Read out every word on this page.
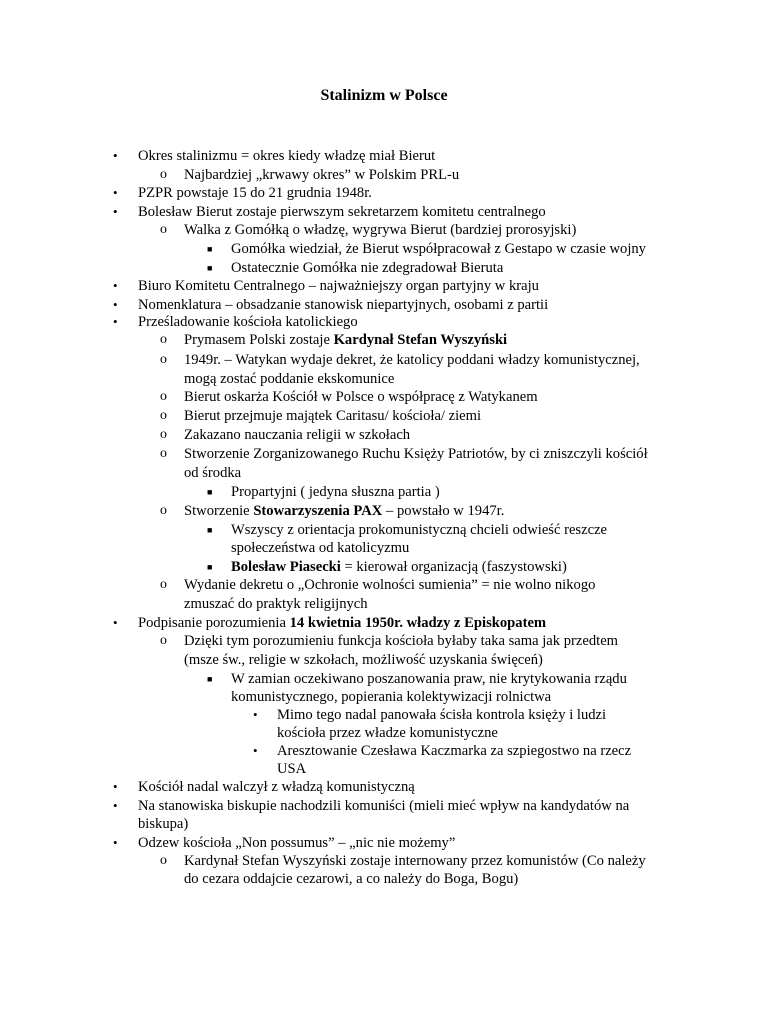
Stalinizm w Polsce
• Okres stalinizmu = okres kiedy władzę miał Bierut
o Najbardziej „krwawy okres” w Polskim PRL-u
• PZPR powstaje 15 do 21 grudnia 1948r.
• Bolesław Bierut zostaje pierwszym sekretarzem komitetu centralnego
o Walka z Gomółką o władzę, wygrywa Bierut (bardziej prorosyjski)
■ Gomółka wiedział, że Bierut współpracował z Gestapo w czasie wojny
■ Ostatecznie Gomółka nie zdegradował Bieruta
• Biuro Komitetu Centralnego – najważniejszy organ partyjny w kraju
• Nomenklatura – obsadzanie stanowisk niepartyjnych, osobami z partii
• Prześladowanie kościoła katolickiego
o Prymasem Polski zostaje Kardynał Stefan Wyszyński
o 1949r. – Watykan wydaje dekret, że katolicy poddani władzy komunistycznej,
mogą zostać poddanie ekskomunice
o Bierut oskarża Kościół w Polsce o współpracę z Watykanem
o Bierut przejmuje majątek Caritasu/ kościoła/ ziemi
o Zakazano nauczania religii w szkołach
o Stworzenie Zorganizowanego Ruchu Księży Patriotów, by ci zniszczyli kościół
od środka
■ Propartyjni ( jedyna słuszna partia )
o Stworzenie Stowarzyszenia PAX – powstało w 1947r.
■ Wszyscy z orientacja prokomunistyczną chcieli odwieść reszcze
społeczeństwa od katolicyzmu
■ Bolesław Piasecki = kierował organizacją (faszystowski)
o Wydanie dekretu o „Ochronie wolności sumienia” = nie wolno nikogo
zmuszać do praktyk religijnych
• Podpisanie porozumienia 14 kwietnia 1950r. władzy z Episkopatem
o Dzięki tym porozumieniu funkcja kościoła byłaby taka sama jak przedtem
(msze św., religie w szkołach, możliwość uzyskania święceń)
■ W zamian oczekiwano poszanowania praw, nie krytykowania rządu
komunistycznego, popierania kolektywizacji rolnictwa
• Mimo tego nadal panowała ścisła kontrola księży i ludzi
kościoła przez władze komunistyczne
• Aresztowanie Czesława Kaczmarka za szpiegostwo na rzecz
USA
• Kościół nadal walczył z władzą komunistyczną
• Na stanowiska biskupie nachodzili komuniści (mieli mieć wpływ na kandydatów na
biskupa)
• Odzew kościoła „Non possumus” – „nic nie możemy”
o Kardynał Stefan Wyszyński zostaje internowany przez komunistów (Co należy
do cezara oddajcie cezarowi, a co należy do Boga, Bogu)
